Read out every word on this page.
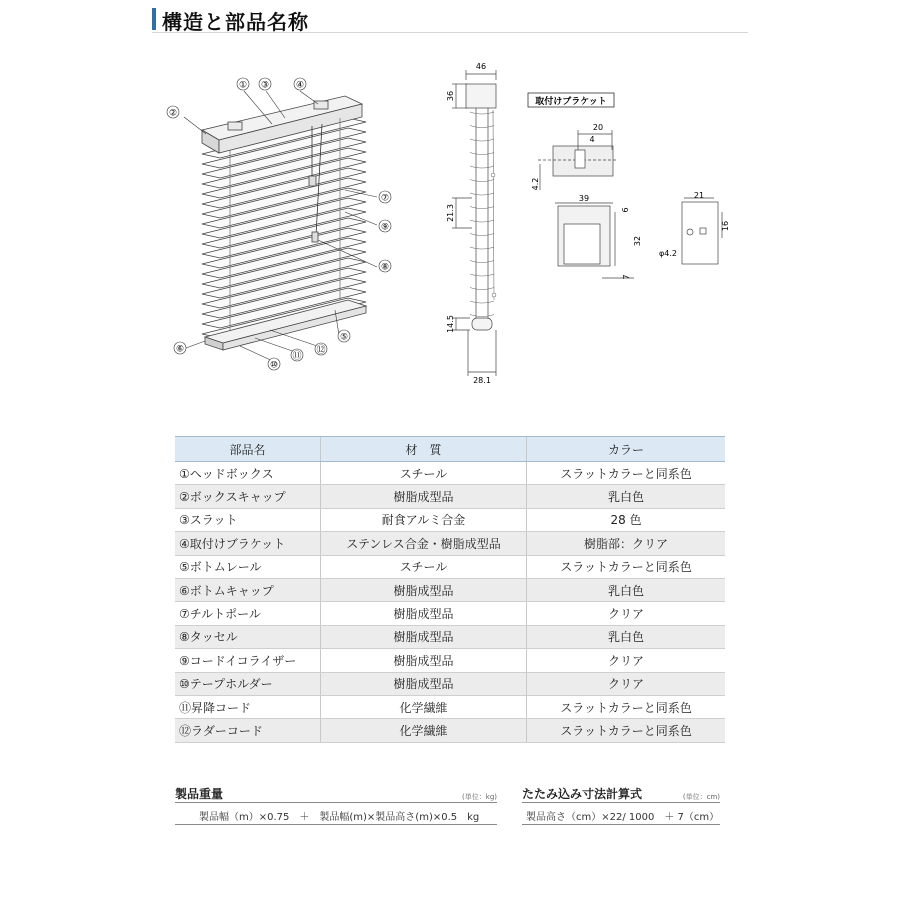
構造と部品名称
① ③
②
④
⑤
⑥
⑦
⑧
⑨
⑩
⑪
⑫
46
36
21.3
14.5
28.1
取付けブラケット
20
4
4.2
39
6
32
7
21
16
φ4.2
部品名	材　質	カラー
①ヘッドボックス	スチール	スラットカラーと同系色
②ボックスキャップ	樹脂成型品	乳白色
③スラット	耐食アルミ合金	28 色
④取付けブラケット	ステンレス合金・樹脂成型品	樹脂部：クリア
⑤ボトムレール	スチール	スラットカラーと同系色
⑥ボトムキャップ	樹脂成型品	乳白色
⑦チルトポール	樹脂成型品	クリア
⑧タッセル	樹脂成型品	乳白色
⑨コードイコライザー	樹脂成型品	クリア
⑩テープホルダー	樹脂成型品	クリア
⑪昇降コード	化学繊維	スラットカラーと同系色
⑫ラダーコード	化学繊維	スラットカラーと同系色
製品重量	(単位：kg)
製品幅（m）×0.75　＋　製品幅(m)×製品高さ(m)×0.5　kg
たたみ込み寸法計算式	(単位：cm)
製品高さ（cm）×22/ 1000　＋ 7（cm）
